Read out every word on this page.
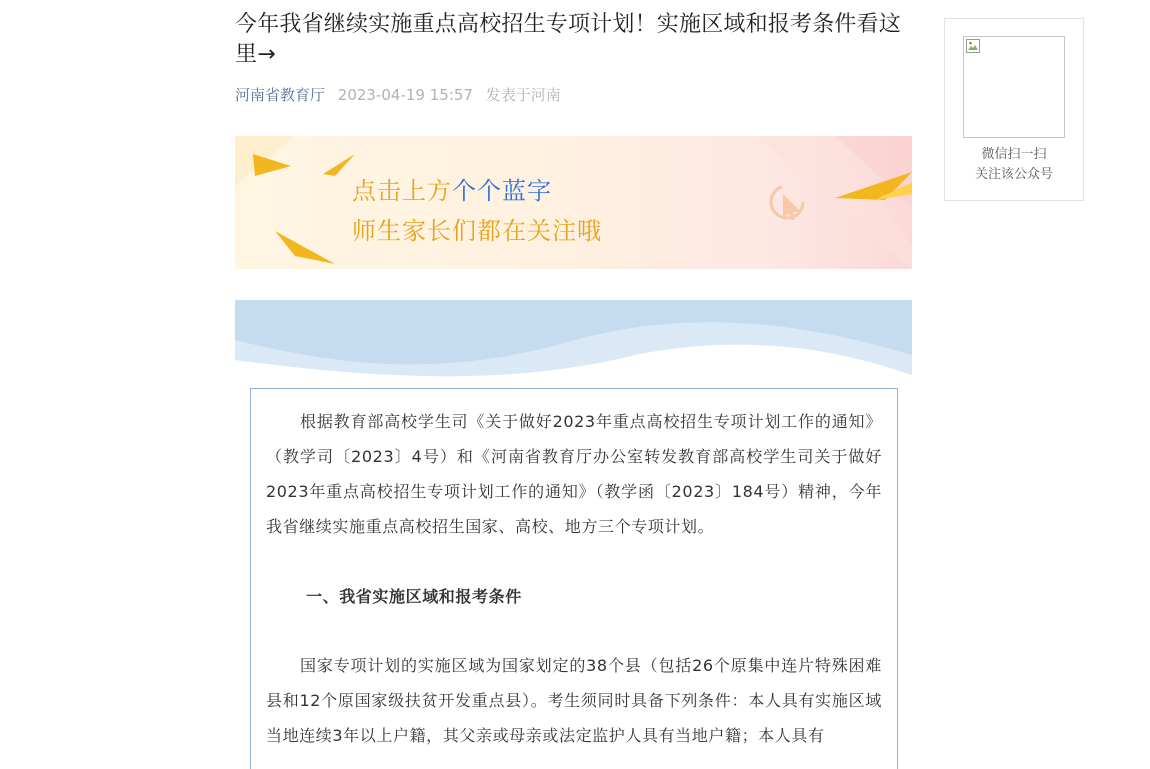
今年我省继续实施重点高校招生专项计划！实施区域和报考条件看这里→
河南省教育厅 2023-04-19 15:57 发表于河南
点击上方个个蓝字
师生家长们都在关注哦

根据教育部高校学生司《关于做好2023年重点高校招生专项计划工作的通知》（教学司〔2023〕4号）和《河南省教育厅办公室转发教育部高校学生司关于做好2023年重点高校招生专项计划工作的通知》（教学函〔2023〕184号）精神，今年我省继续实施重点高校招生国家、高校、地方三个专项计划。

一、我省实施区域和报考条件

国家专项计划的实施区域为国家划定的38个县（包括26个原集中连片特殊困难县和12个原国家级扶贫开发重点县）。考生须同时具备下列条件：本人具有实施区域当地连续3年以上户籍，其父亲或母亲或法定监护人具有当地户籍；本人具有

微信扫一扫
关注该公众号
